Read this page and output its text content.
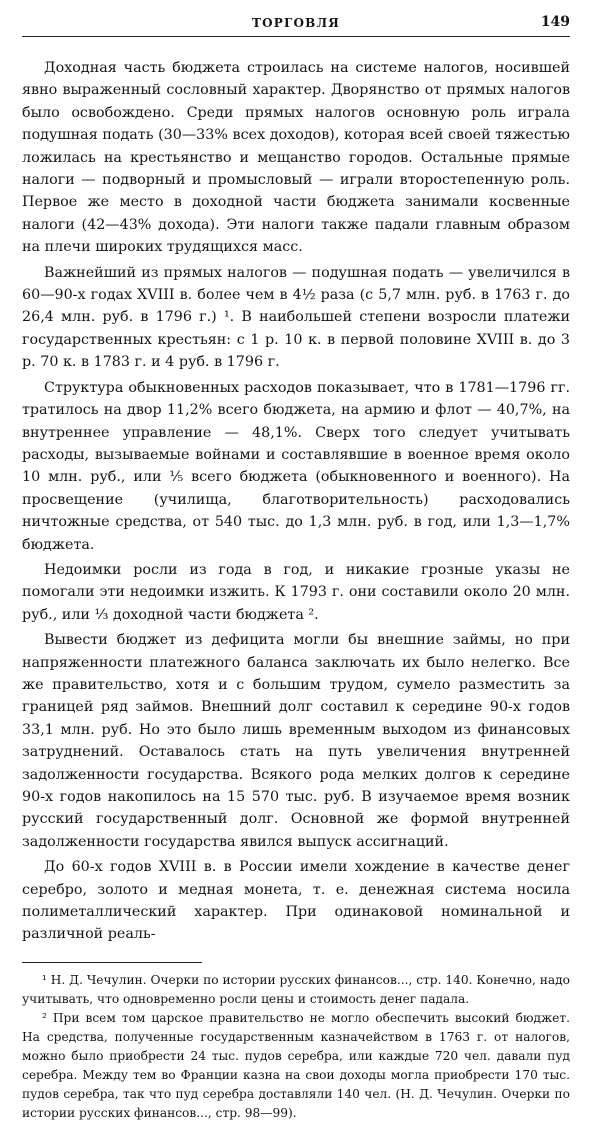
ТОРГОВЛЯ	149

Доходная часть бюджета строилась на системе налогов, носившей явно выраженный сословный характер. Дворянство от прямых налогов было освобождено. Среди прямых налогов основную роль играла подушная подать (30—33% всех доходов), которая всей своей тяжестью ложилась на крестьянство и мещанство городов. Остальные прямые налоги — подворный и промысловый — играли второстепенную роль. Первое же место в доходной части бюджета занимали косвенные налоги (42—43% дохода). Эти налоги также падали главным образом на плечи широких трудящихся масс.

Важнейший из прямых налогов — подушная подать — увеличился в 60—90-х годах XVIII в. более чем в 4½ раза (с 5,7 млн. руб. в 1763 г. до 26,4 млн. руб. в 1796 г.) ¹. В наибольшей степени возросли платежи государственных крестьян: с 1 р. 10 к. в первой половине XVIII в. до 3 р. 70 к. в 1783 г. и 4 руб. в 1796 г.

Структура обыкновенных расходов показывает, что в 1781—1796 гг. тратилось на двор 11,2% всего бюджета, на армию и флот — 40,7%, на внутреннее управление — 48,1%. Сверх того следует учитывать расходы, вызываемые войнами и составлявшие в военное время около 10 млн. руб., или ⅕ всего бюджета (обыкновенного и военного). На просвещение (училища, благотворительность) расходовались ничтожные средства, от 540 тыс. до 1,3 млн. руб. в год, или 1,3—1,7% бюджета.

Недоимки росли из года в год, и никакие грозные указы не помогали эти недоимки изжить. К 1793 г. они составили около 20 млн. руб., или ⅓ доходной части бюджета ².

Вывести бюджет из дефицита могли бы внешние займы, но при напряженности платежного баланса заключать их было нелегко. Все же правительство, хотя и с большим трудом, сумело разместить за границей ряд займов. Внешний долг составил к середине 90-х годов 33,1 млн. руб. Но это было лишь временным выходом из финансовых затруднений. Оставалось стать на путь увеличения внутренней задолженности государства. Всякого рода мелких долгов к середине 90-х годов накопилось на 15 570 тыс. руб. В изучаемое время возник русский государственный долг. Основной же формой внутренней задолженности государства явился выпуск ассигнаций.

До 60-х годов XVIII в. в России имели хождение в качестве денег серебро, золото и медная монета, т. е. денежная система носила полиметаллический характер. При одинаковой номинальной и различной реаль-

¹ Н. Д. Чечулин. Очерки по истории русских финансов..., стр. 140. Конечно, надо учитывать, что одновременно росли цены и стоимость денег падала.

² При всем том царское правительство не могло обеспечить высокий бюджет. На средства, полученные государственным казначейством в 1763 г. от налогов, можно было приобрести 24 тыс. пудов серебра, или каждые 720 чел. давали пуд серебра. Между тем во Франции казна на свои доходы могла приобрести 170 тыс. пудов серебра, так что пуд серебра доставляли 140 чел. (Н. Д. Чечулин. Очерки по истории русских финансов..., стр. 98—99).
